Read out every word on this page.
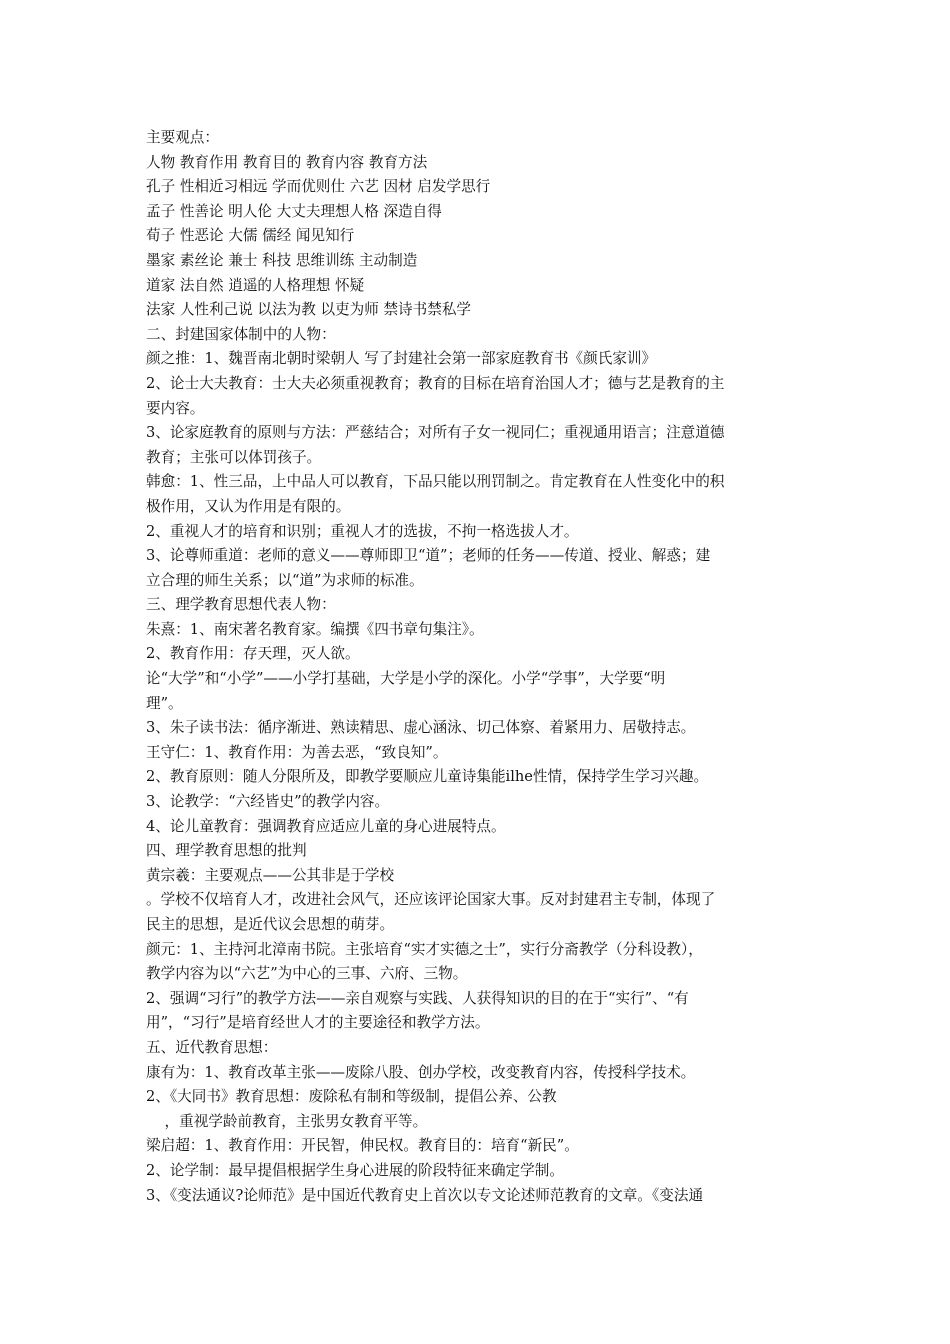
主要观点：
人物 教育作用 教育目的 教育内容 教育方法
孔子 性相近习相远 学而优则仕 六艺 因材 启发学思行
孟子 性善论 明人伦 大丈夫理想人格 深造自得
荀子 性恶论 大儒 儒经 闻见知行
墨家 素丝论 兼士 科技 思维训练 主动制造
道家 法自然 逍遥的人格理想 怀疑
法家 人性利己说 以法为教 以吏为师 禁诗书禁私学
二、封建国家体制中的人物：
颜之推：1、魏晋南北朝时梁朝人 写了封建社会第一部家庭教育书《颜氏家训》
2、论士大夫教育：士大夫必须重视教育；教育的目标在培育治国人才；德与艺是教育的主
要内容。
3、论家庭教育的原则与方法：严慈结合；对所有子女一视同仁；重视通用语言；注意道德
教育；主张可以体罚孩子。
韩愈：1、性三品，上中品人可以教育，下品只能以刑罚制之。肯定教育在人性变化中的积
极作用，又认为作用是有限的。
2、重视人才的培育和识别；重视人才的选拔，不拘一格选拔人才。
3、论尊师重道：老师的意义——尊师即卫“道”；老师的任务——传道、授业、解惑；建
立合理的师生关系；以“道”为求师的标准。
三、理学教育思想代表人物：
朱熹：1、南宋著名教育家。编撰《四书章句集注》。
2、教育作用：存天理，灭人欲。
论“大学”和“小学”——小学打基础，大学是小学的深化。小学“学事”，大学要“明
理”。
3、朱子读书法：循序渐进、熟读精思、虚心涵泳、切己体察、着紧用力、居敬持志。
王守仁：1、教育作用：为善去恶，“致良知”。
2、教育原则：随人分限所及，即教学要顺应儿童诗集能ilhe性情，保持学生学习兴趣。
3、论教学：“六经皆史”的教学内容。
4、论儿童教育：强调教育应适应儿童的身心进展特点。
四、理学教育思想的批判
黄宗羲：主要观点——公其非是于学校
。学校不仅培育人才，改进社会风气，还应该评论国家大事。反对封建君主专制，体现了
民主的思想，是近代议会思想的萌芽。
颜元：1、主持河北漳南书院。主张培育“实才实德之士”，实行分斋教学（分科设教），
教学内容为以“六艺”为中心的三事、六府、三物。
2、强调“习行”的教学方法——亲自观察与实践、人获得知识的目的在于“实行”、“有
用”，“习行”是培育经世人才的主要途径和教学方法。
五、近代教育思想：
康有为：1、教育改革主张——废除八股、创办学校，改变教育内容，传授科学技术。
2、《大同书》教育思想：废除私有制和等级制，提倡公养、公教
，重视学龄前教育，主张男女教育平等。
梁启超：1、教育作用：开民智，伸民权。教育目的：培育“新民”。
2、论学制：最早提倡根据学生身心进展的阶段特征来确定学制。
3、《变法通议?论师范》是中国近代教育史上首次以专文论述师范教育的文章。《变法通
